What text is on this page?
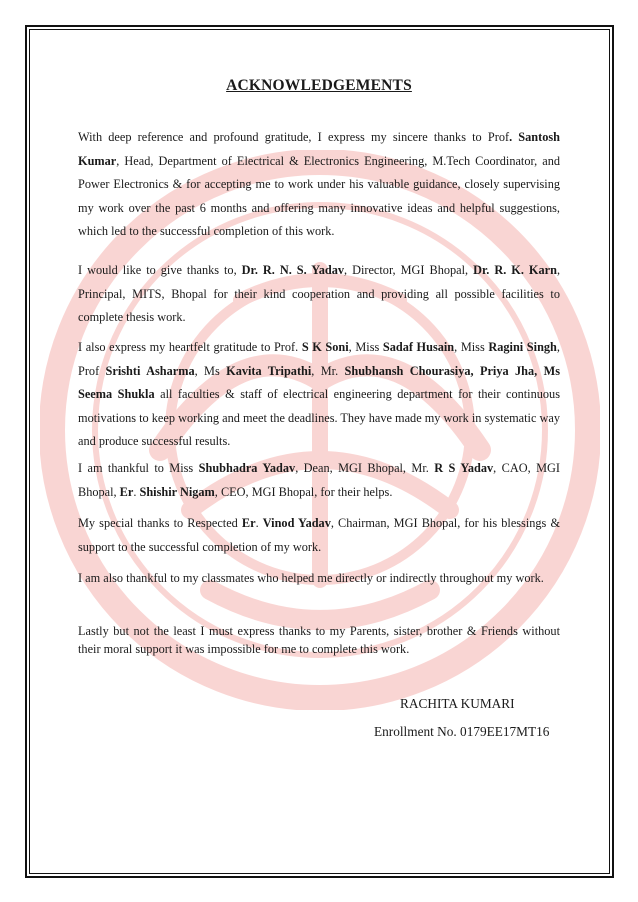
ACKNOWLEDGEMENTS

With deep reference and profound gratitude, I express my sincere thanks to Prof. Santosh Kumar, Head, Department of Electrical & Electronics Engineering, M.Tech Coordinator, and Power Electronics & for accepting me to work under his valuable guidance, closely supervising my work over the past 6 months and offering many innovative ideas and helpful suggestions, which led to the successful completion of this work.

I would like to give thanks to, Dr. R. N. S. Yadav, Director, MGI Bhopal, Dr. R. K. Karn, Principal, MITS, Bhopal for their kind cooperation and providing all possible facilities to complete thesis work.

I also express my heartfelt gratitude to Prof. S K Soni, Miss Sadaf Husain, Miss Ragini Singh, Prof Srishti Asharma, Ms Kavita Tripathi, Mr. Shubhansh Chourasiya, Priya Jha, Ms Seema Shukla all faculties & staff of electrical engineering department for their continuous motivations to keep working and meet the deadlines. They have made my work in systematic way and produce successful results.

I am thankful to Miss Shubhadra Yadav, Dean, MGI Bhopal, Mr. R S Yadav, CAO, MGI Bhopal, Er. Shishir Nigam, CEO, MGI Bhopal, for their helps.

My special thanks to Respected Er. Vinod Yadav, Chairman, MGI Bhopal, for his blessings & support to the successful completion of my work.

I am also thankful to my classmates who helped me directly or indirectly throughout my work.

Lastly but not the least I must express thanks to my Parents, sister, brother & Friends without their moral support it was impossible for me to complete this work.

RACHITA KUMARI
Enrollment No. 0179EE17MT16
